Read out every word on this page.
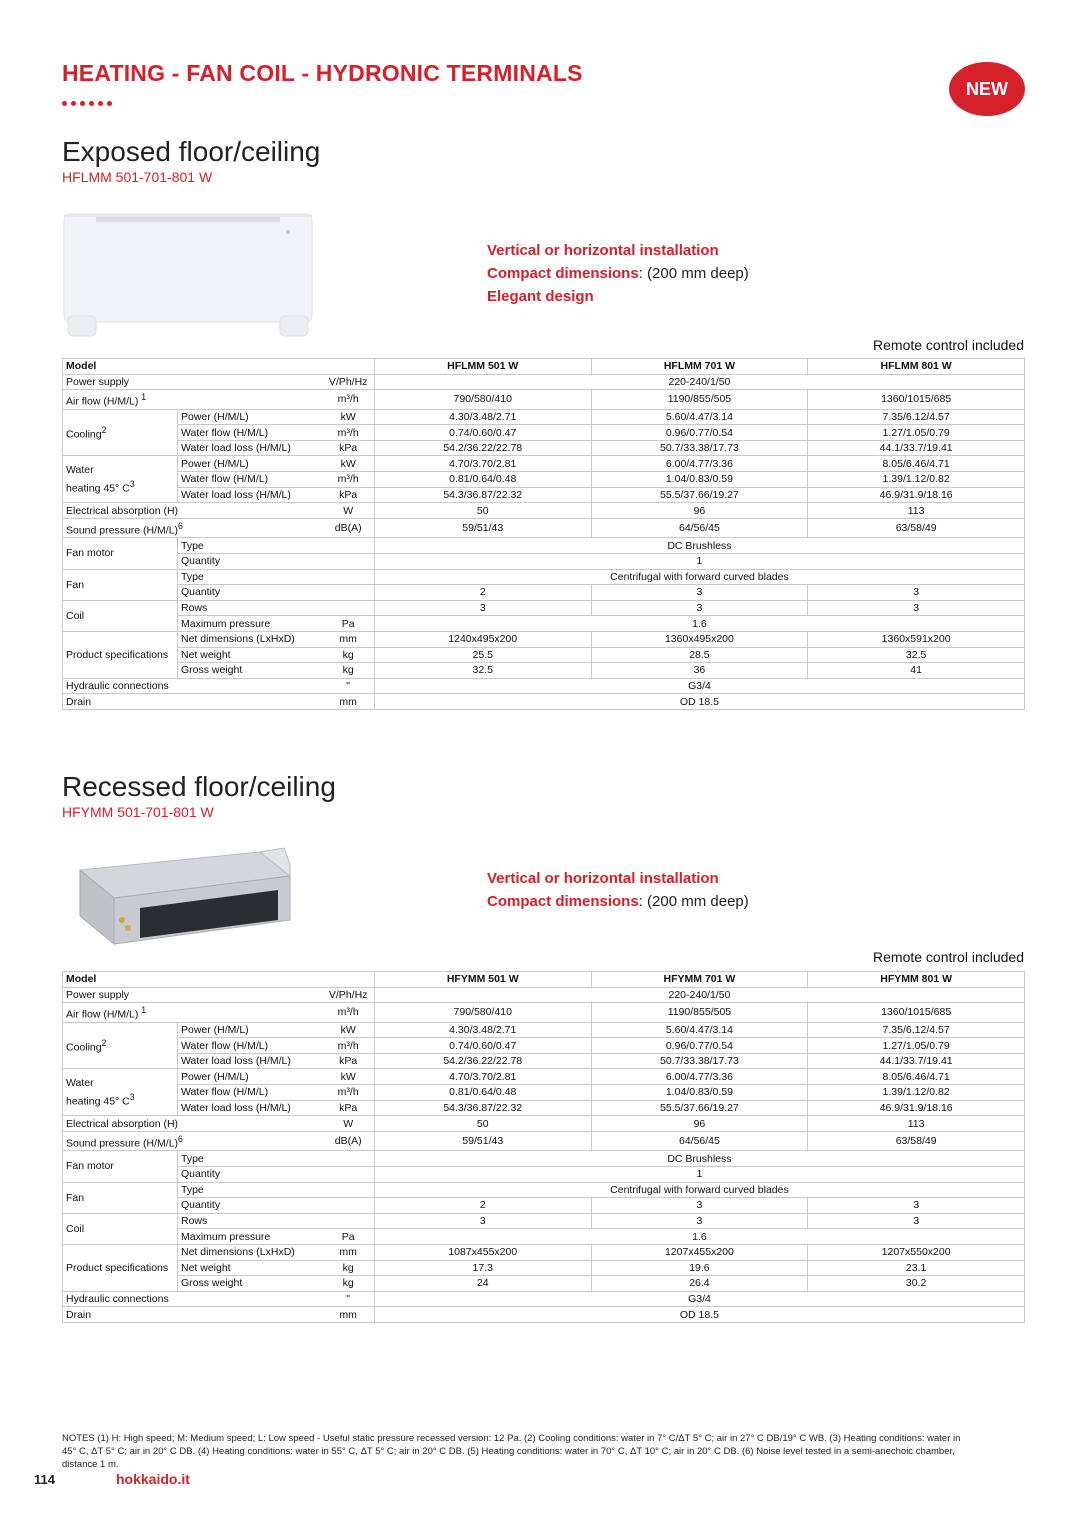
HEATING - FAN COIL - HYDRONIC TERMINALS
NEW
Exposed floor/ceiling
HFLMM 501-701-801 W
Vertical or horizontal installation
Compact dimensions: (200 mm deep)
Elegant design
Remote control included
Model			HFLMM 501 W	HFLMM 701 W	HFLMM 801 W
Power supply		V/Ph/Hz	220-240/1/50		
Air flow (H/M/L) $^1$		m³/h	790/580/410	1190/855/505	1360/1015/685
Cooling$^2$	Power (H/M/L)	kW	4.30/3.48/2.71	5.60/4.47/3.14	7.35/6.12/4.57
	Water flow (H/M/L)	m³/h	0.74/0.60/0.47	0.96/0.77/0.54	1.27/1.05/0.79
	Water load loss (H/M/L)	kPa	54.2/36.22/22.78	50.7/33.38/17.73	44.1/33.7/19.41
Water
heating 45° $C^3$	Power (H/M/L)	kW	4.70/3.70/2.81	6.00/4.77/3.36	8.05/6.46/4.71
	Water flow (H/M/L)	m³/h	0.81/0.64/0.48	1.04/0.83/0.59	1.39/1.12/0.82
	Water load loss (H/M/L)	kPa	54.3/36.87/22.32	55.5/37.66/19.27	46.9/31.9/18.16
Electrical absorption (H)		W	50	96	113
Sound pressure $(H/M/L)^6$		dB(A)	59/51/43	64/56/45	63/58/49
Fan motor	Type		DC Brushless		
	Quantity		1		
Fan	Type		Centrifugal with forward curved blades		
	Quantity		2	3	3
Coil	Rows		3	3	3
	Maximum pressure	Pa	1.6		
Product specifications	Net dimensions (LxHxD)	mm	1240x495x200	1360x495x200	1360x591x200
	Net weight	kg	25.5	28.5	32.5
	Gross weight	kg	32.5	36	41
Hydraulic connections		"	G3/4		
Drain		mm	OD 18.5		
Recessed floor/ceiling
HFYMM 501-701-801 W
Vertical or horizontal installation
Compact dimensions: (200 mm deep)
Remote control included
Model			HFYMM 501 W	HFYMM 701 W	HFYMM 801 W
Power supply		V/Ph/Hz	220-240/1/50		
Air flow (H/M/L) $^1$		m³/h	790/580/410	1190/855/505	1360/1015/685
Cooling$^2$	Power (H/M/L)	kW	4.30/3.48/2.71	5.60/4.47/3.14	7.35/6.12/4.57
	Water flow (H/M/L)	m³/h	0.74/0.60/0.47	0.96/0.77/0.54	1.27/1.05/0.79
	Water load loss (H/M/L)	kPa	54.2/36.22/22.78	50.7/33.38/17.73	44.1/33.7/19.41
Water
heating 45° $C^3$	Power (H/M/L)	kW	4.70/3.70/2.81	6.00/4.77/3.36	8.05/6.46/4.71
	Water flow (H/M/L)	m³/h	0.81/0.64/0.48	1.04/0.83/0.59	1.39/1.12/0.82
	Water load loss (H/M/L)	kPa	54.3/36.87/22.32	55.5/37.66/19.27	46.9/31.9/18.16
Electrical absorption (H)		W	50	96	113
Sound pressure $(H/M/L)^6$		dB(A)	59/51/43	64/56/45	63/58/49
Fan motor	Type		DC Brushless		
	Quantity		1		
Fan	Type		Centrifugal with forward curved blades		
	Quantity		2	3	3
Coil	Rows		3	3	3
	Maximum pressure	Pa	1.6		
Product specifications	Net dimensions (LxHxD)	mm	1087x455x200	1207x455x200	1207x550x200
	Net weight	kg	17.3	19.6	23.1
	Gross weight	kg	24	26.4	30.2
Hydraulic connections		"	G3/4		
Drain		mm	OD 18.5		
NOTES (1) H: High speed; M: Medium speed; L: Low speed - Useful static pressure recessed version: 12 Pa. (2) Cooling conditions: water in 7° C/ΔT 5° C; air in 27° C DB/19° C WB. (3) Heating conditions: water in 45° C, ΔT 5° C; air in 20° C DB. (4) Heating conditions: water in 55° C, ΔT 5° C; air in 20° C DB. (5) Heating conditions: water in 70° C, ΔT 10° C; air in 20° C DB. (6) Noise level tested in a semi-anechoic chamber, distance 1 m.
114	hokkaido.it
